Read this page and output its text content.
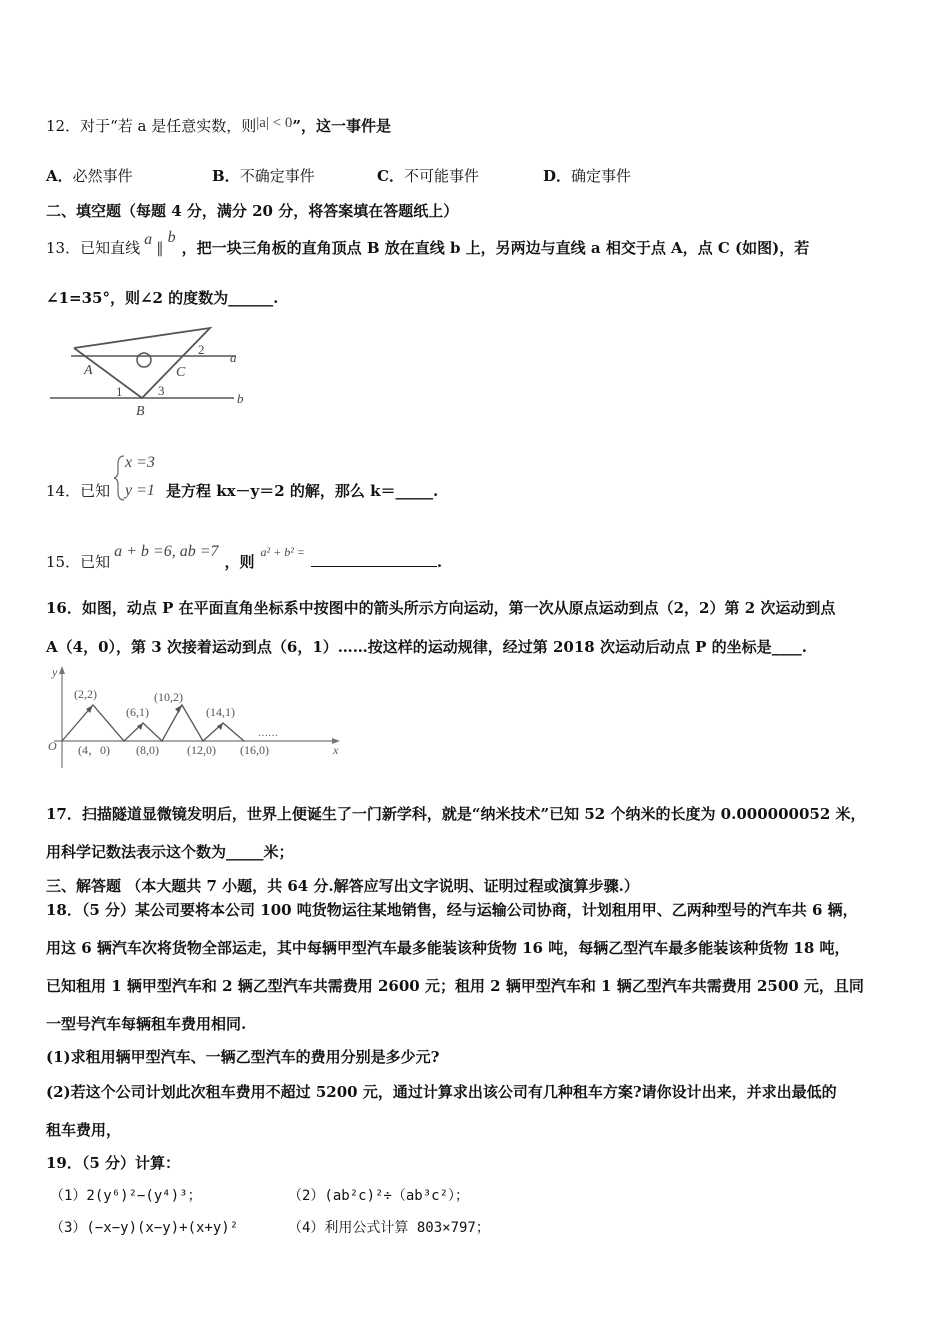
12．对于“若 a 是任意实数，则|a| < 0”，这一事件是
A．必然事件	B．不确定事件	C．不可能事件	D．确定事件
二、填空题（每题 4 分，满分 20 分，将答案填在答题纸上）
13．已知直线 a∥b，把一块三角板的直角顶点 B 放在直线 b 上，另两边与直线 a 相交于点 A，点 C (如图)，若
∠1=35°，则∠2 的度数为______.
A
B
C
1
2
3
a
b
14．已知
x =3
y =1 是方程 kx－y＝2 的解，那么 k＝_____.
15．已知a + b =6, ab =7，则$^{a^2 + b^2 =}$.
16．如图，动点 P 在平面直角坐标系中按图中的箭头所示方向运动，第一次从原点运动到点（2，2）第 2 次运动到点
A（4，0），第 3 次接着运动到点（6，1）……按这样的运动规律，经过第 2018 次运动后动点 P 的坐标是____.
y
x
O
(2,2)
(4，0)
(6,1)
(8,0)
(10,2)
(12,0)
(14,1)
(16,0)
……
17．扫描隧道显微镜发明后，世界上便诞生了一门新学科，就是“纳米技术”已知 52 个纳米的长度为 0.000000052 米，
用科学记数法表示这个数为_____米；
三、解答题 （本大题共 7 小题，共 64 分.解答应写出文字说明、证明过程或演算步骤.）
18．（5 分）某公司要将本公司 100 吨货物运往某地销售，经与运输公司协商，计划租用甲、乙两种型号的汽车共 6 辆，
用这 6 辆汽车次将货物全部运走，其中每辆甲型汽车最多能装该种货物 16 吨，每辆乙型汽车最多能装该种货物 18 吨，
已知租用 1 辆甲型汽车和 2 辆乙型汽车共需费用 2600 元；租用 2 辆甲型汽车和 1 辆乙型汽车共需费用 2500 元，且同
一型号汽车每辆租车费用相同.
(1)求租用辆甲型汽车、一辆乙型汽车的费用分别是多少元?
(2)若这个公司计划此次租车费用不超过 5200 元，通过计算求出该公司有几种租车方案?请你设计出来，并求出最低的
租车费用，
19．（5 分）计算：
（1）2(y⁶)²−(y⁴)³；	（2）(ab²c)²÷（ab³c²）；
（3）(−x−y)(x−y)+(x+y)²	（4）利用公式计算 803×797；
